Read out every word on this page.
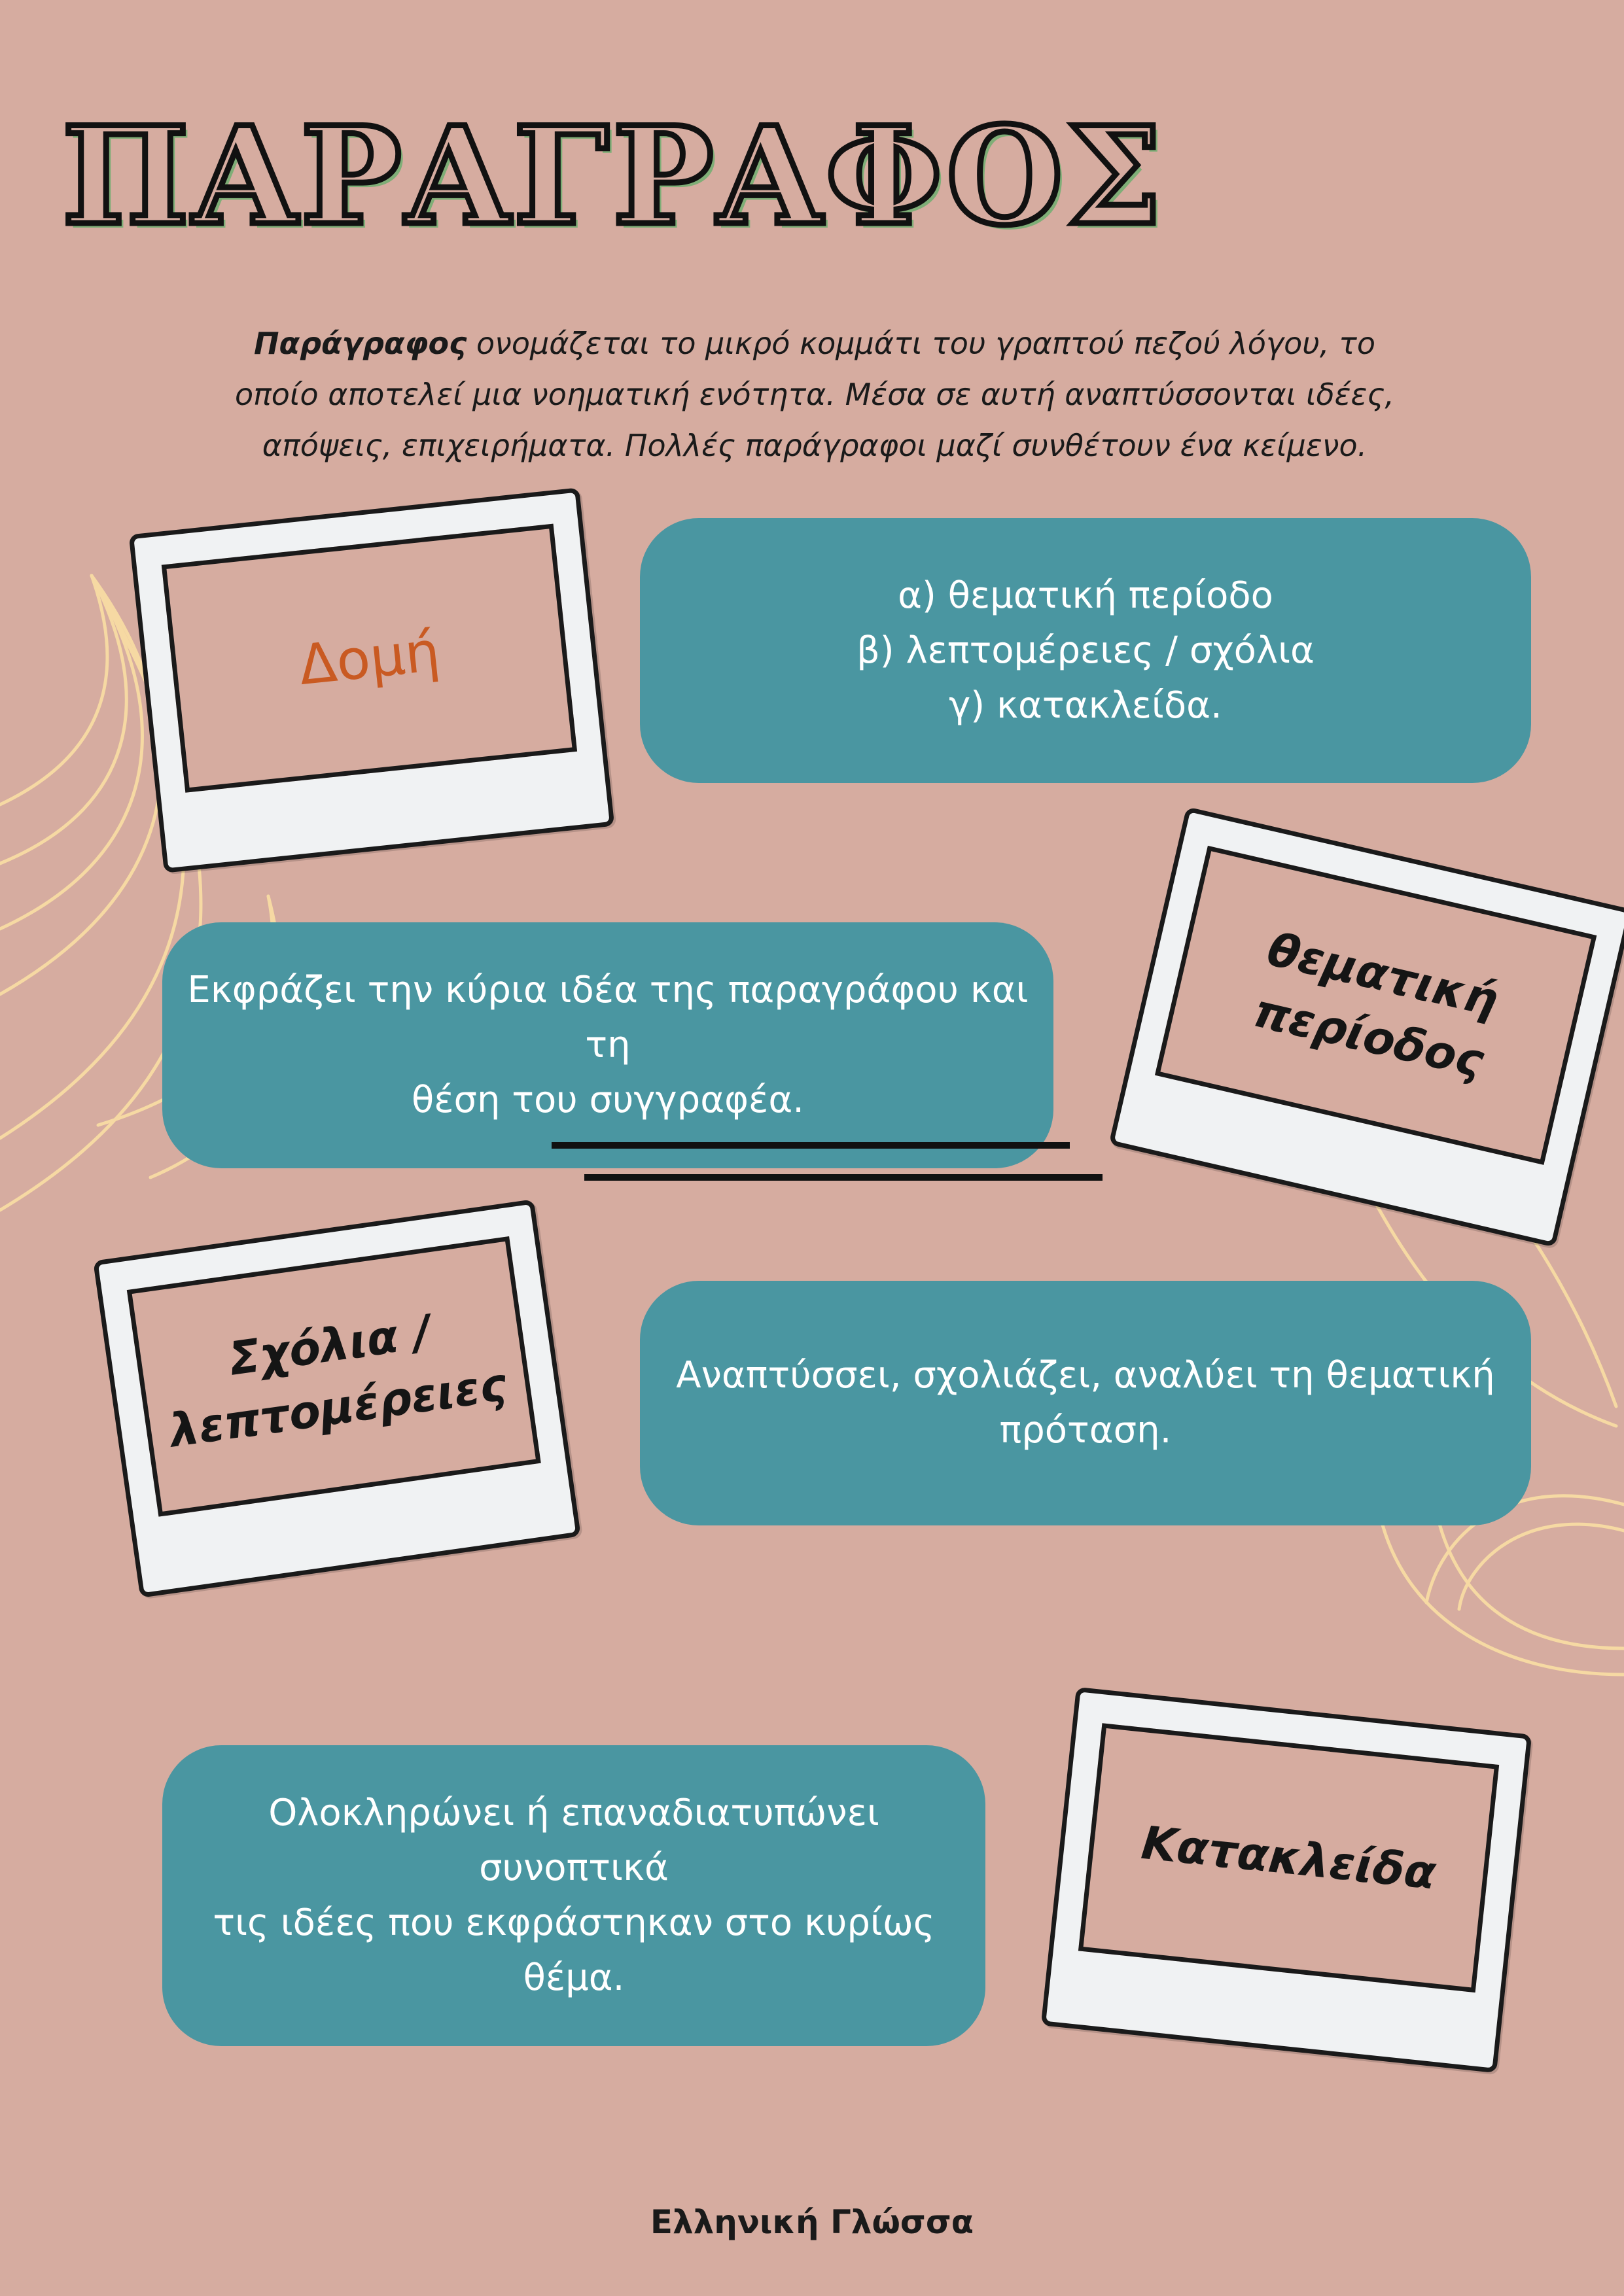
ΠΑΡΑΓΡΑΦΟΣ
Παράγραφος ονομάζεται το μικρό κομμάτι του γραπτού πεζού λόγου, το οποίο αποτελεί μια νοηματική ενότητα. Μέσα σε αυτή αναπτύσσονται ιδέες, απόψεις, επιχειρήματα. Πολλές παράγραφοι μαζί συνθέτουν ένα κείμενο.
Δομή
α) θεματική περίοδο
β) λεπτομέρειες / σχόλια
γ) κατακλείδα.
Εκφράζει την κύρια ιδέα της παραγράφου και τη
θέση του συγγραφέα.
θεματική
περίοδος
Σχόλια /
λεπτομέρειες	Αναπτύσσει, σχολιάζει, αναλύει τη θεματική
πρόταση.
Ολοκληρώνει ή επαναδιατυπώνει συνοπτικά
τις ιδέες που εκφράστηκαν στο κυρίως
θέμα.
Κατακλείδα
Ελληνική Γλώσσα
